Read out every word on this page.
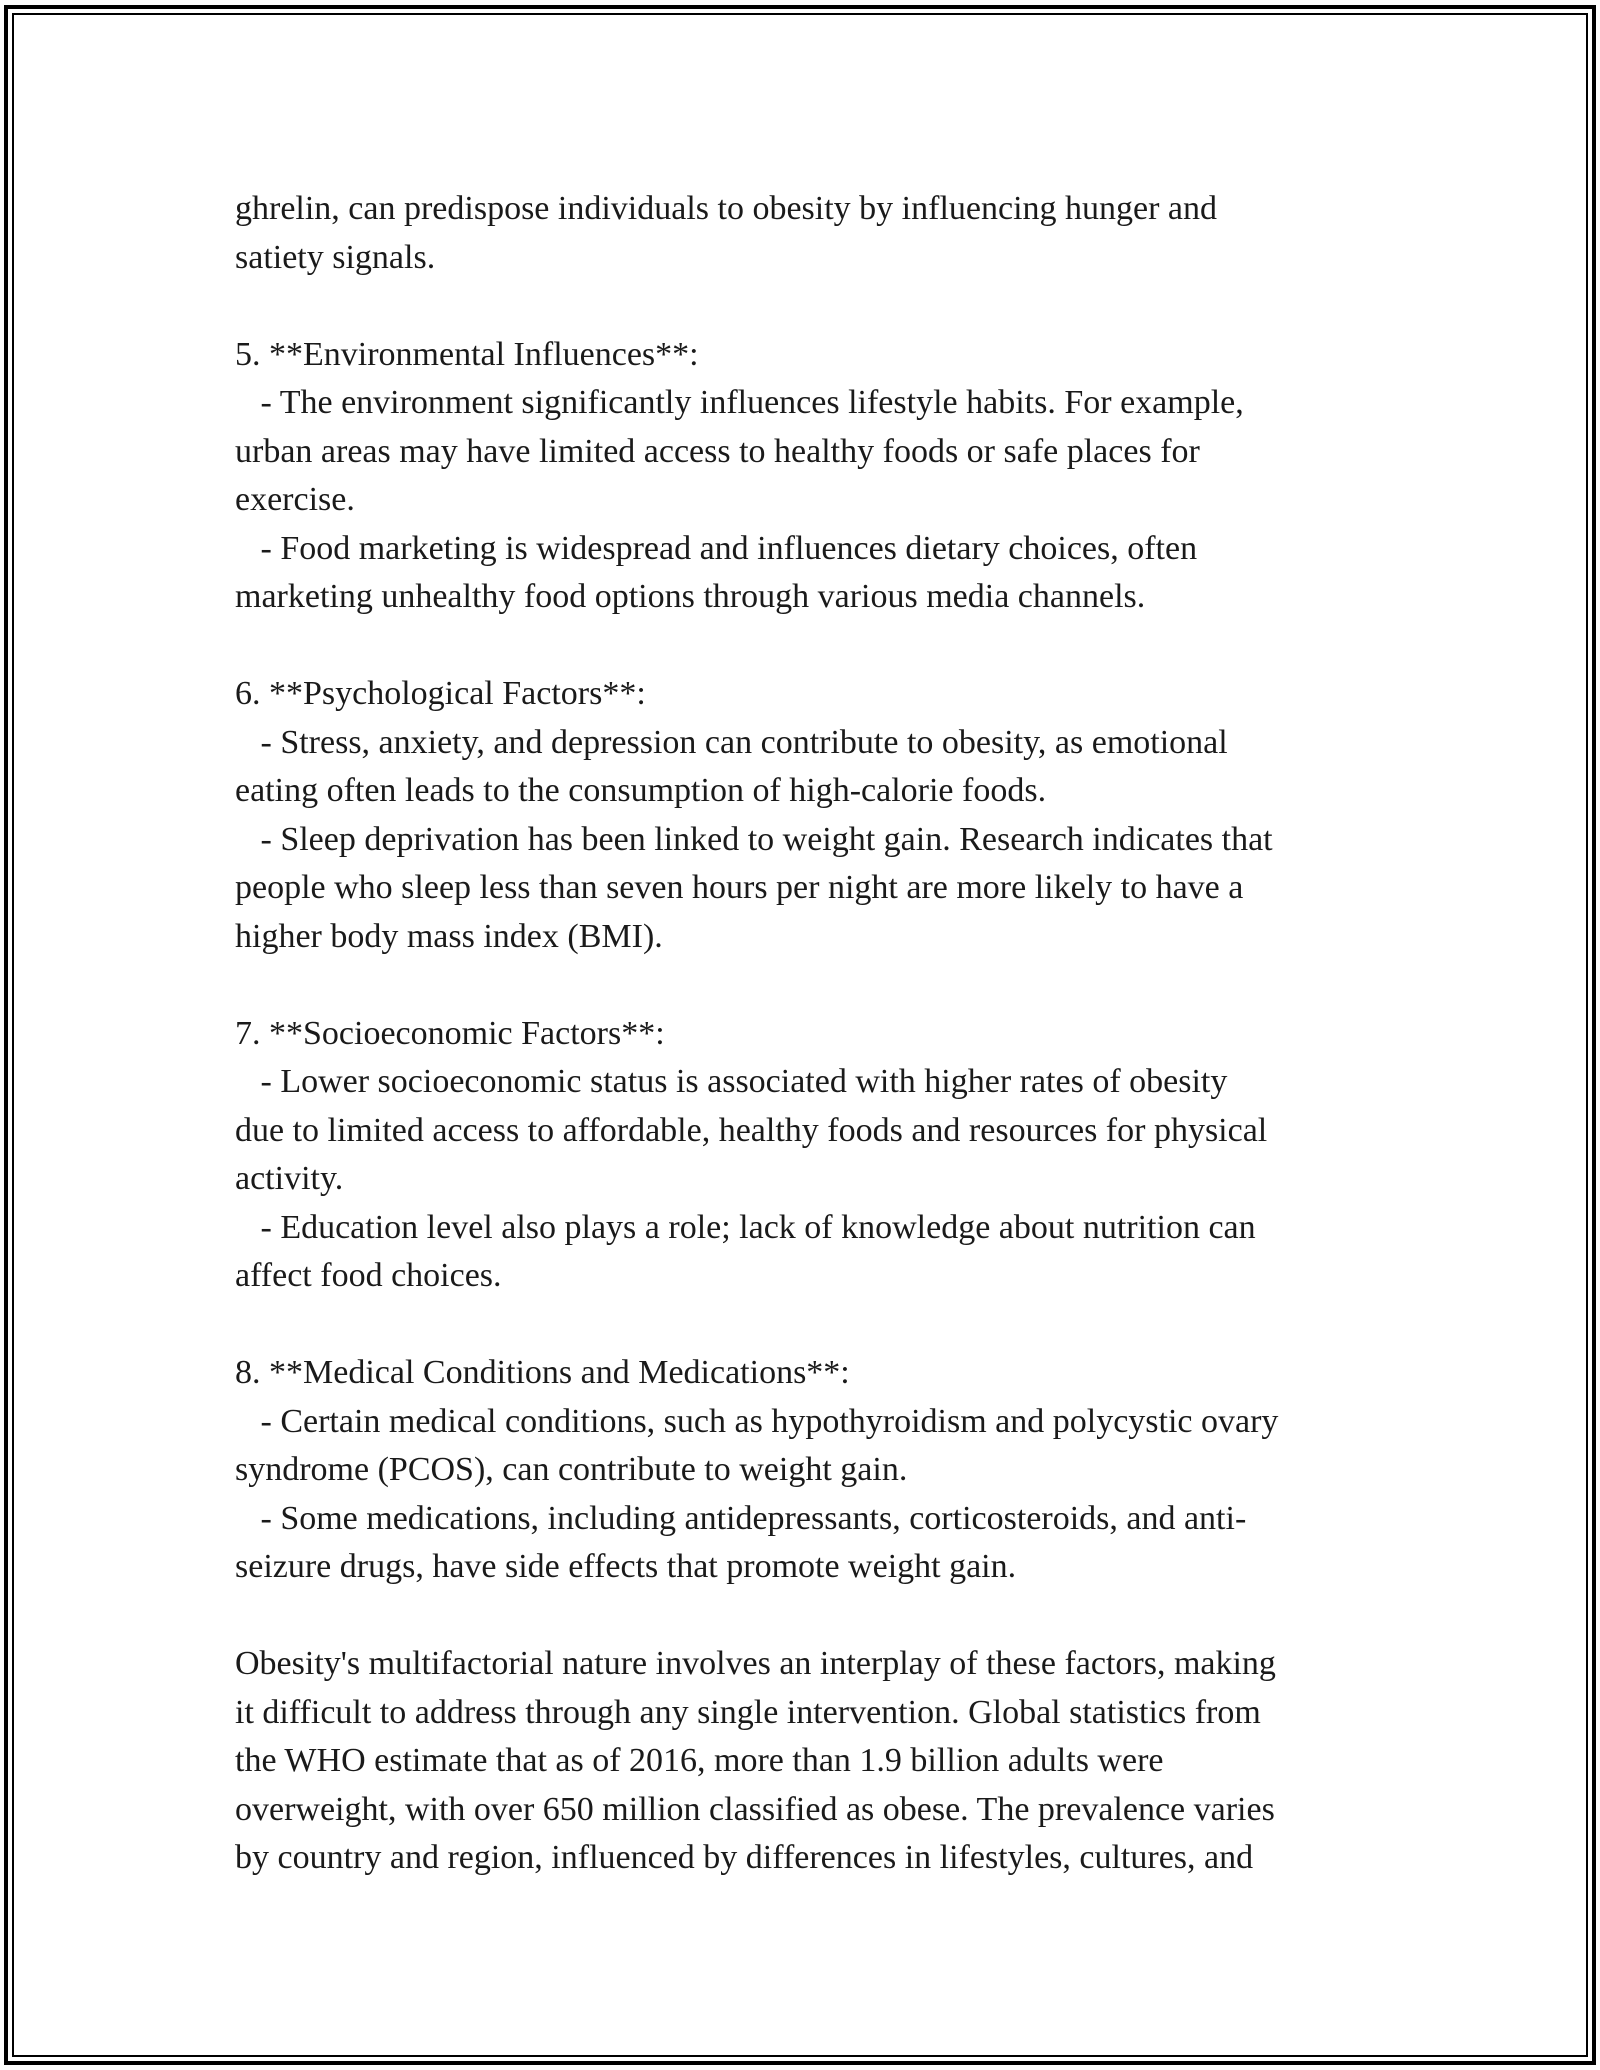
ghrelin, can predispose individuals to obesity by influencing hunger and
satiety signals.
5. **Environmental Influences**:
- The environment significantly influences lifestyle habits. For example,
urban areas may have limited access to healthy foods or safe places for
exercise.
- Food marketing is widespread and influences dietary choices, often
marketing unhealthy food options through various media channels.
6. **Psychological Factors**:
- Stress, anxiety, and depression can contribute to obesity, as emotional
eating often leads to the consumption of high-calorie foods.
- Sleep deprivation has been linked to weight gain. Research indicates that
people who sleep less than seven hours per night are more likely to have a
higher body mass index (BMI).
7. **Socioeconomic Factors**:
- Lower socioeconomic status is associated with higher rates of obesity
due to limited access to affordable, healthy foods and resources for physical
activity.
- Education level also plays a role; lack of knowledge about nutrition can
affect food choices.
8. **Medical Conditions and Medications**:
- Certain medical conditions, such as hypothyroidism and polycystic ovary
syndrome (PCOS), can contribute to weight gain.
- Some medications, including antidepressants, corticosteroids, and anti-
seizure drugs, have side effects that promote weight gain.
Obesity's multifactorial nature involves an interplay of these factors, making
it difficult to address through any single intervention. Global statistics from
the WHO estimate that as of 2016, more than 1.9 billion adults were
overweight, with over 650 million classified as obese. The prevalence varies
by country and region, influenced by differences in lifestyles, cultures, and
